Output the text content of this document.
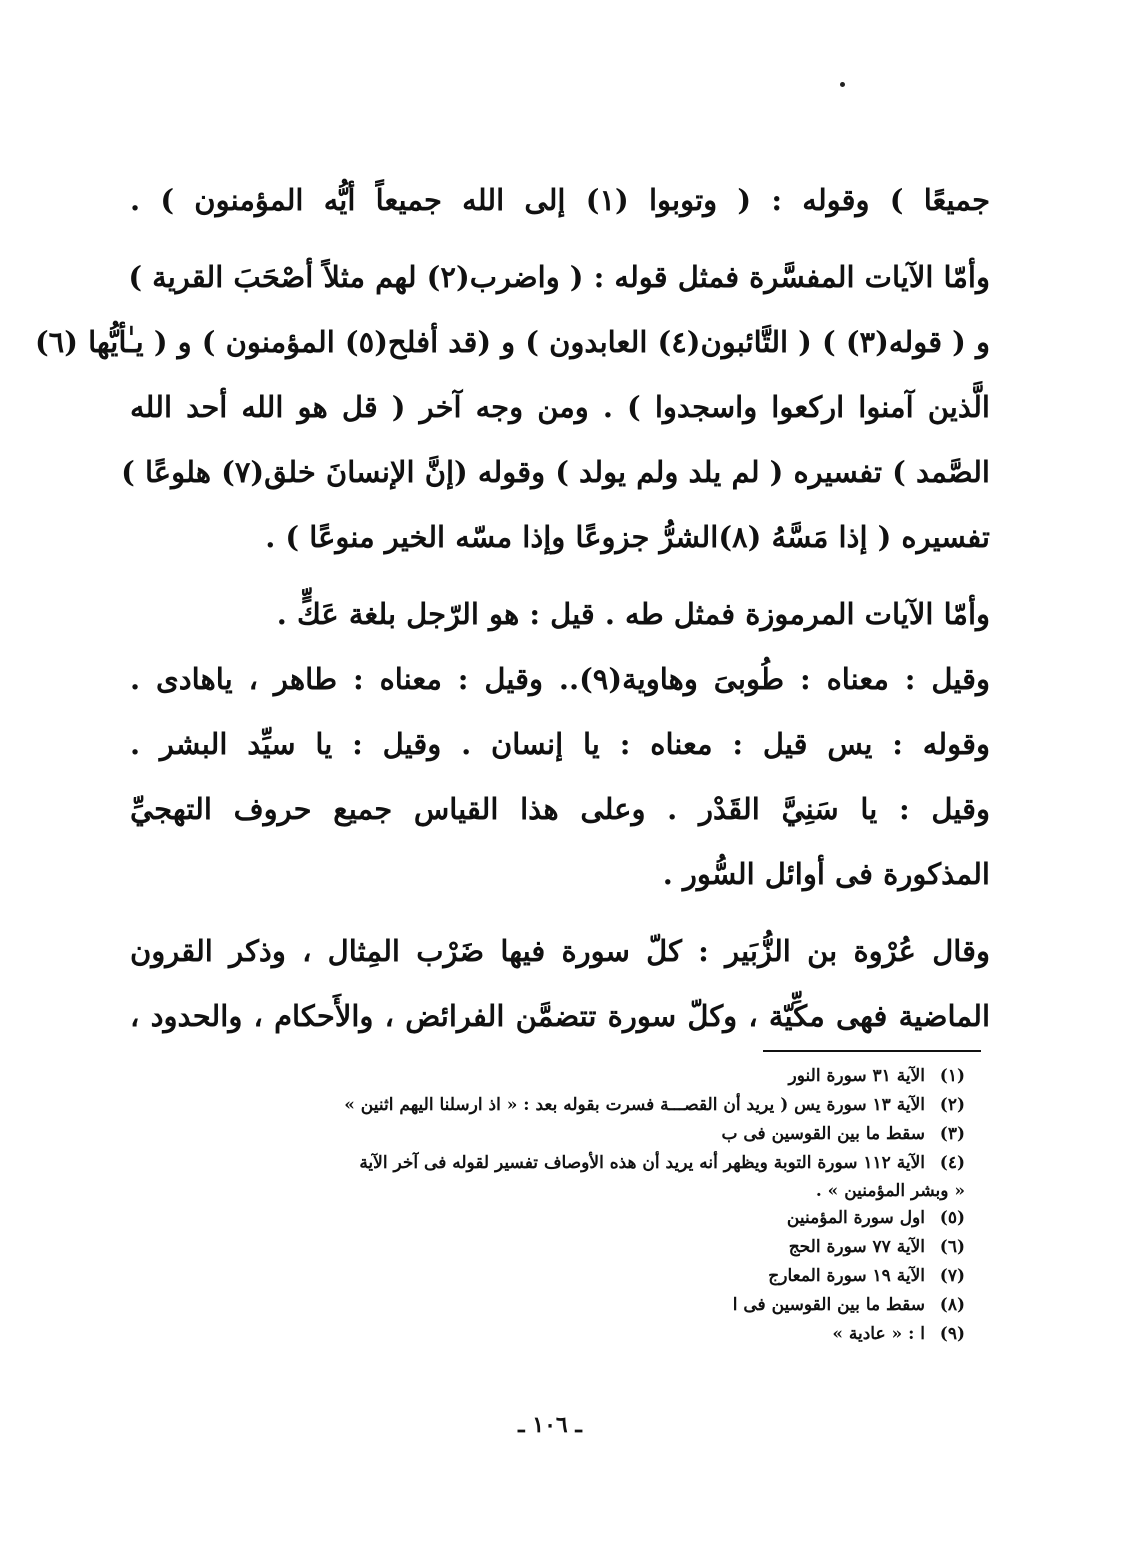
جميعًا ) وقوله : ( وتوبوا (١) إلى الله جميعاً أيُّه المؤمنون ) .
وأمّا الآيات المفسَّرة فمثل قوله : ( واضرب(٢) لهم مثلاً أصْحَبَ القرية )
و ( قوله(٣) ) ( التَّائبون(٤) العابدون ) و (قد أفلح(٥) المؤمنون ) و ( يـٰأيُّها (٦)
الَّذين آمنوا اركعوا واسجدوا ) . ومن وجه آخر ( قل هو الله أحد الله
الصَّمد ) تفسيره ( لم يلد ولم يولد ) وقوله (إنَّ الإنسانَ خلق(٧) هلوعًا )
تفسيره ( إذا مَسَّهُ (٨)الشرُّ جزوعًا وإذا مسّه الخير منوعًا ) .
وأمّا الآيات المرموزة فمثل طه . قيل : هو الرّجل بلغة عَكٍّ .
وقيل : معناه : طُوبىَ وهاوية(٩).. وقيل : معناه : طاهر ، ياهادى .
وقوله : يس قيل : معناه : يا إنسان . وقيل : يا سيِّد البشر .
وقيل : يا سَنِيَّ القَدْر . وعلى هذا القياس جميع حروف التهجيِّ
المذكورة فى أوائل السُّور .
وقال عُرْوة بن الزُّبَير : كلّ سورة فيها ضَرْب المِثال ، وذكر القرون
الماضية فهى مكِّيّة ، وكلّ سورة تتضمَّن الفرائض ، والأَحكام ، والحدود ،
(١)
الآية ٣١ سورة النور
(٢)
الآية ١٣ سورة يس ( يريد أن القصـــة فسرت بقوله بعد : « اذ ارسلنا اليهم اثنين »
(٣)
سقط ما بين القوسين فى ب
(٤)
الآية ١١٢ سورة التوبة ويظهر أنه يريد أن هذه الأوصاف تفسير لقوله فى آخر الآية
« وبشر المؤمنين » .
(٥)
اول سورة المؤمنين
(٦)
الآية ٧٧ سورة الحج
(٧)
الآية ١٩ سورة المعارج
(٨)
سقط ما بين القوسين فى ا
(٩)
ا : « عادية »
ـ ١٠٦ ـ
